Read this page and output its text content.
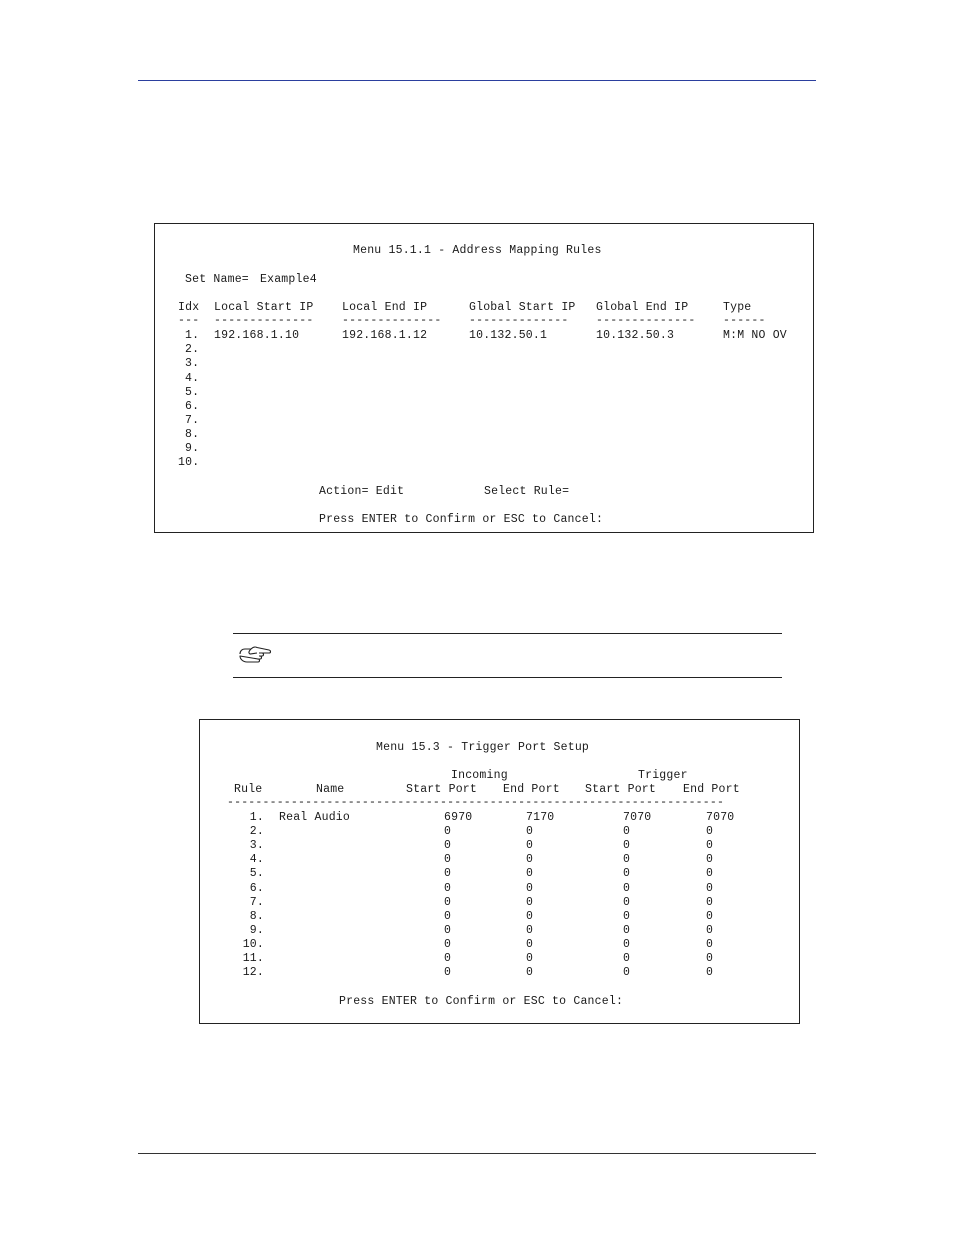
Menu 15.1.1 - Address Mapping Rules
Set Name= Example4
Idx Local Start IP Local End IP	Global Start IP Global End IP	Type
--- -------------- -------------- -------------- -------------- ------
1. 192.168.1.10	192.168.1.12	10.132.50.1	10.132.50.3	M:M NO OV
2.
3.
4.
5.
6.
7.
8.
9.
10.
Action= Edit	Select Rule=
Press ENTER to Confirm or ESC to Cancel:
Menu 15.3 - Trigger Port Setup
Incoming	Trigger
Rule	Name	Start Port End Port Start Port End Port
----------------------------------------------------------------------
1. Real Audio	6970	7170	7070	7070
2.	0	0	0	0
3.	0	0	0	0
4.	0	0	0	0
5.	0	0	0	0
6.	0	0	0	0
7.	0	0	0	0
8.	0	0	0	0
9.	0	0	0	0
10.	0	0	0	0
11.	0	0	0	0
12.	0	0	0	0
Press ENTER to Confirm or ESC to Cancel:
